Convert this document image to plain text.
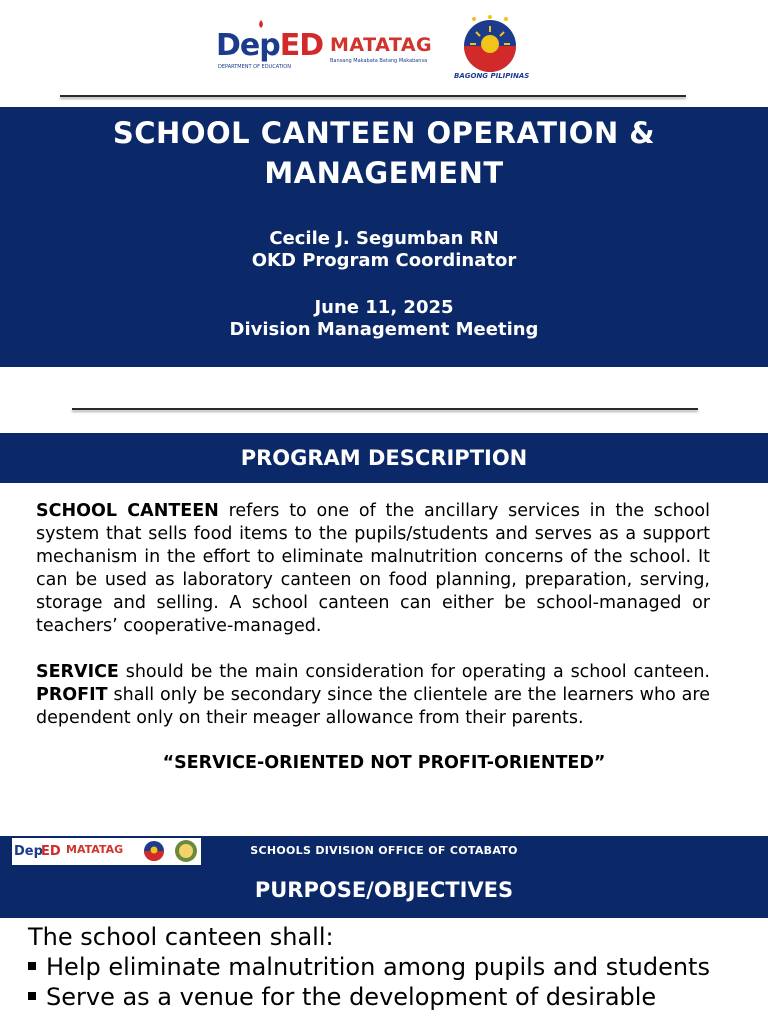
DepED
DEPARTMENT OF EDUCATION
MATATAG
Bansang Makabata Batang Makabansa
BAGONG PILIPINAS
SCHOOL CANTEEN OPERATION &
MANAGEMENT
Cecile J. Segumban RN
OKD Program Coordinator
June 11, 2025
Division Management Meeting
PROGRAM DESCRIPTION
SCHOOL CANTEEN refers to one of the ancillary services in the school system that sells food items to the pupils/students and serves as a support mechanism in the effort to eliminate malnutrition concerns of the school. It can be used as laboratory canteen on food planning, preparation, serving, storage and selling. A school canteen can either be school-managed or teachers’ cooperative-managed.
SERVICE should be the main consideration for operating a school canteen. PROFIT shall only be secondary since the clientele are the learners who are dependent only on their meager allowance from their parents.
“SERVICE-ORIENTED NOT PROFIT-ORIENTED”
Dep
ED MATATAG	SCHOOLS DIVISION OFFICE OF COTABATO
PURPOSE/OBJECTIVES
The school canteen shall:
Help eliminate malnutrition among pupils and students
Serve as a venue for the development of desirable
